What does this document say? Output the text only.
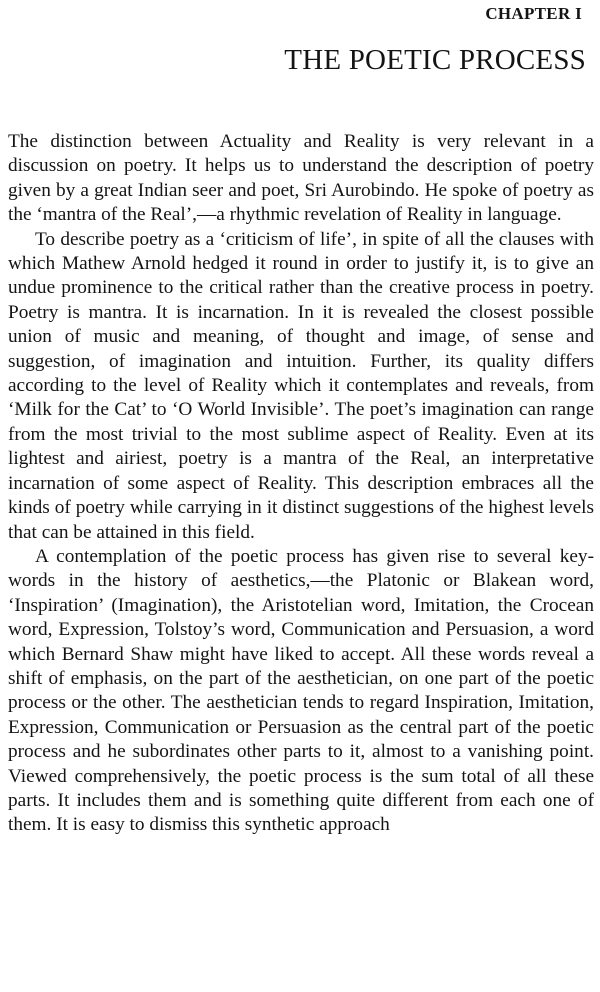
CHAPTER I
THE POETIC PROCESS

The distinction between Actuality and Reality is very relevant in a discussion on poetry. It helps us to understand the description of poetry given by a great Indian seer and poet, Sri Aurobindo. He spoke of poetry as the ‘mantra of the Real’,—a rhythmic revelation of Reality in language.

To describe poetry as a ‘criticism of life’, in spite of all the clauses with which Mathew Arnold hedged it round in order to justify it, is to give an undue prominence to the critical rather than the creative process in poetry. Poetry is mantra. It is incarnation. In it is revealed the closest possible union of music and meaning, of thought and image, of sense and suggestion, of imagination and intuition. Further, its quality differs according to the level of Reality which it contemplates and reveals, from ‘Milk for the Cat’ to ‘O World Invisible’. The poet’s imagination can range from the most trivial to the most sublime aspect of Reality. Even at its lightest and airiest, poetry is a mantra of the Real, an interpretative incarnation of some aspect of Reality. This description embraces all the kinds of poetry while carrying in it distinct suggestions of the highest levels that can be attained in this field.

A contemplation of the poetic process has given rise to several key-words in the history of aesthetics,—the Platonic or Blakean word, ‘Inspiration’ (Imagination), the Aristotelian word, Imitation, the Crocean word, Expression, Tolstoy’s word, Communication and Persuasion, a word which Bernard Shaw might have liked to accept. All these words reveal a shift of emphasis, on the part of the aesthetician, on one part of the poetic process or the other. The aesthetician tends to regard Inspiration, Imitation, Expression, Communication or Persuasion as the central part of the poetic process and he subordinates other parts to it, almost to a vanishing point. Viewed comprehensively, the poetic process is the sum total of all these parts. It includes them and is something quite different from each one of them. It is easy to dismiss this synthetic approach
